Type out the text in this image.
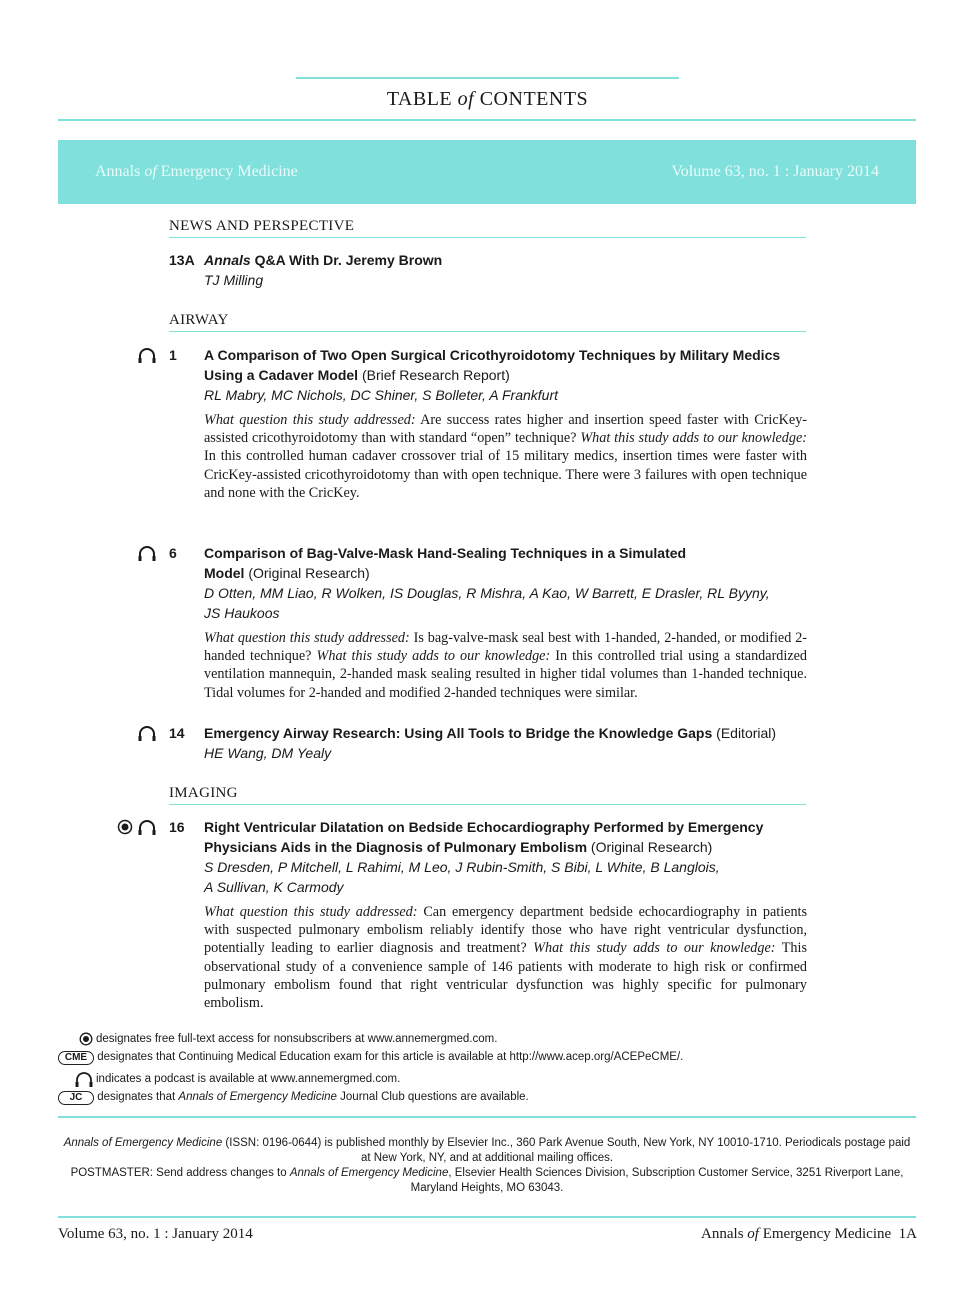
TABLE of CONTENTS
Annals of Emergency Medicine	Volume 63, no. 1 : January 2014
NEWS AND PERSPECTIVE
13A Annals Q&A With Dr. Jeremy Brown
TJ Milling
AIRWAY
1 A Comparison of Two Open Surgical Cricothyroidotomy Techniques by Military Medics
Using a Cadaver Model (Brief Research Report)
RL Mabry, MC Nichols, DC Shiner, S Bolleter, A Frankfurt
What question this study addressed: Are success rates higher and insertion speed faster with CricKey-assisted cricothyroidotomy than with standard “open” technique? What this study adds to our knowledge: In this controlled human cadaver crossover trial of 15 military medics, insertion times were faster with CricKey-assisted cricothyroidotomy than with open technique. There were 3 failures with open technique and none with the CricKey.
6 Comparison of Bag-Valve-Mask Hand-Sealing Techniques in a Simulated
Model (Original Research)
D Otten, MM Liao, R Wolken, IS Douglas, R Mishra, A Kao, W Barrett, E Drasler, RL Byyny,
JS Haukoos
What question this study addressed: Is bag-valve-mask seal best with 1-handed, 2-handed, or modified 2-handed technique? What this study adds to our knowledge: In this controlled trial using a standardized ventilation mannequin, 2-handed mask sealing resulted in higher tidal volumes than 1-handed technique. Tidal volumes for 2-handed and modified 2-handed techniques were similar.
14 Emergency Airway Research: Using All Tools to Bridge the Knowledge Gaps (Editorial)
HE Wang, DM Yealy
IMAGING
16 Right Ventricular Dilatation on Bedside Echocardiography Performed by Emergency
Physicians Aids in the Diagnosis of Pulmonary Embolism (Original Research)
S Dresden, P Mitchell, L Rahimi, M Leo, J Rubin-Smith, S Bibi, L White, B Langlois,
A Sullivan, K Carmody
What question this study addressed: Can emergency department bedside echocardiography in patients with suspected pulmonary embolism reliably identify those who have right ventricular dysfunction, potentially leading to earlier diagnosis and treatment? What this study adds to our knowledge: This observational study of a convenience sample of 146 patients with moderate to high risk or confirmed pulmonary embolism found that right ventricular dysfunction was highly specific for pulmonary embolism.
designates free full-text access for nonsubscribers at www.annemergmed.com.
CME designates that Continuing Medical Education exam for this article is available at http://www.acep.org/ACEPeCME/.
indicates a podcast is available at www.annemergmed.com.
JC designates that Annals of Emergency Medicine Journal Club questions are available.
Annals of Emergency Medicine (ISSN: 0196-0644) is published monthly by Elsevier Inc., 360 Park Avenue South, New York, NY 10010-1710. Periodicals postage paid
at New York, NY, and at additional mailing offices.
POSTMASTER: Send address changes to Annals of Emergency Medicine, Elsevier Health Sciences Division, Subscription Customer Service, 3251 Riverport Lane,
Maryland Heights, MO 63043.
Volume 63, no. 1 : January 2014	Annals of Emergency Medicine 1A
